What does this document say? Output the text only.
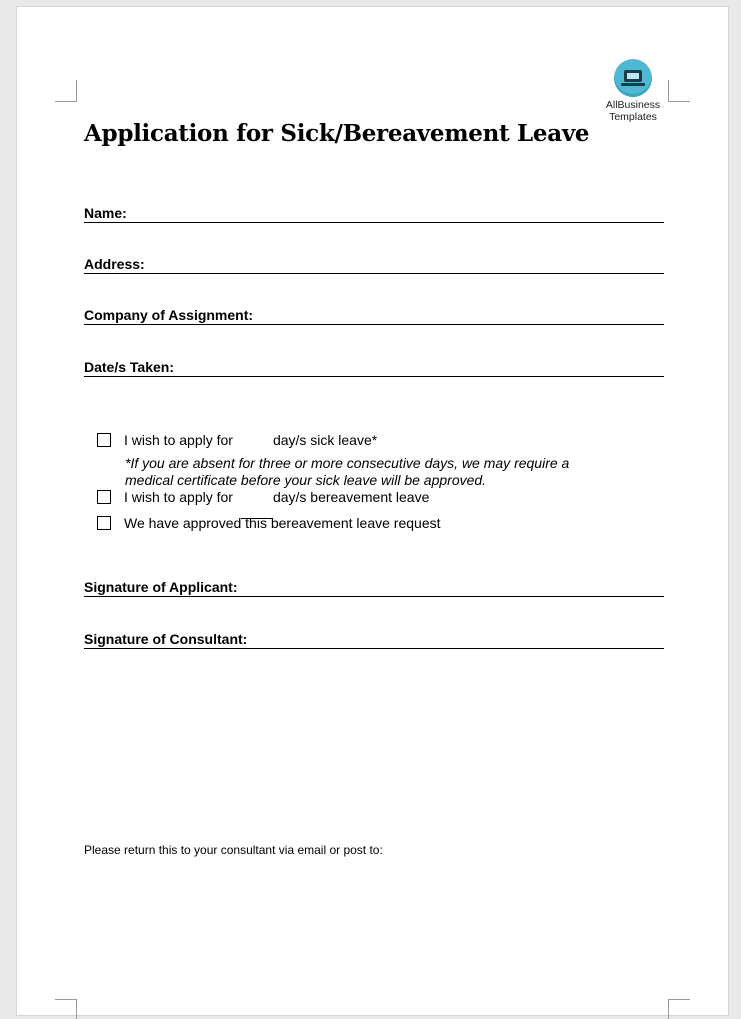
AllBusiness
Templates
Application for Sick/Bereavement Leave
Name:
Address:
Company of Assignment:
Date/s Taken:
I wish to apply for	day/s sick leave*
*If you are absent for three or more consecutive days, we may require a
medical certificate before your sick leave will be approved.
I wish to apply for	day/s bereavement leave
We have approved this bereavement leave request
Signature of Applicant:
Signature of Consultant:
Please return this to your consultant via email or post to:
